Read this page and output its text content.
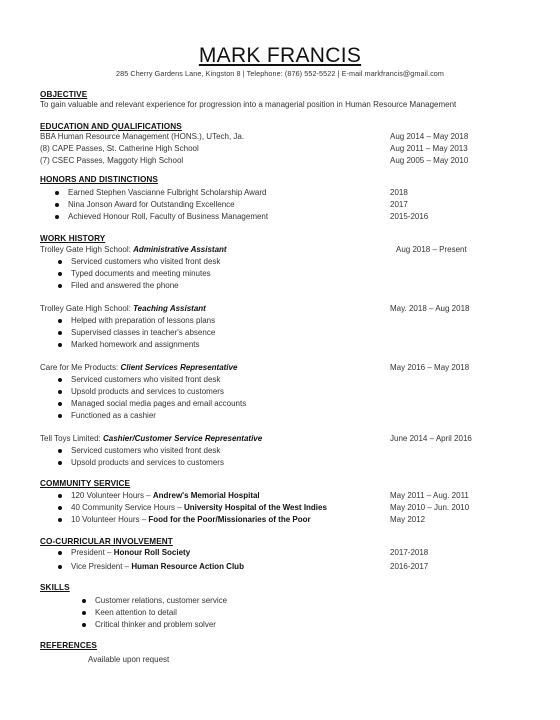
MARK FRANCIS
285 Cherry Gardens Lane, Kingston 8 | Telephone: (876) 552-5522 | E-mail markfrancis@gmail.com
OBJECTIVE
To gain valuable and relevant experience for progression into a managerial position in Human Resource Management
EDUCATION AND QUALIFICATIONS
BBA Human Resource Management (HONS.), UTech, Ja.	Aug 2014 – May 2018
(8) CAPE Passes, St. Catherine High School	Aug 2011 – May 2013
(7) CSEC Passes, Maggoty High School	Aug 2005 – May 2010
HONORS AND DISTINCTIONS
Earned Stephen Vascianne Fulbright Scholarship Award	2018
Nina Jonson Award for Outstanding Excellence	2017
Achieved Honour Roll, Faculty of Business Management	2015-2016
WORK HISTORY
Trolley Gate High School: Administrative Assistant	Aug 2018 – Present
Serviced customers who visited front desk
Typed documents and meeting minutes
Filed and answered the phone
Trolley Gate High School: Teaching Assistant	May. 2018 – Aug 2018
Helped with preparation of lessons plans
Supervised classes in teacher's absence
Marked homework and assignments
Care for Me Products: Client Services Representative	May 2016 – May 2018
Serviced customers who visited front desk
Upsold products and services to customers
Managed social media pages and email accounts
Functioned as a cashier
Tell Toys Limited: Cashier/Customer Service Representative	June 2014 – April 2016
Serviced customers who visited front desk
Upsold products and services to customers
COMMUNITY SERVICE
120 Volunteer Hours – Andrew's Memorial Hospital	May 2011 – Aug. 2011
40 Community Service Hours – University Hospital of the West Indies	May 2010 – Jun. 2010
10 Volunteer Hours – Food for the Poor/Missionaries of the Poor	May 2012
CO-CURRICULAR INVOLVEMENT
President – Honour Roll Society	2017-2018
Vice President – Human Resource Action Club	2016-2017
SKILLS
Customer relations, customer service
Keen attention to detail
Critical thinker and problem solver
REFERENCES
Available upon request
